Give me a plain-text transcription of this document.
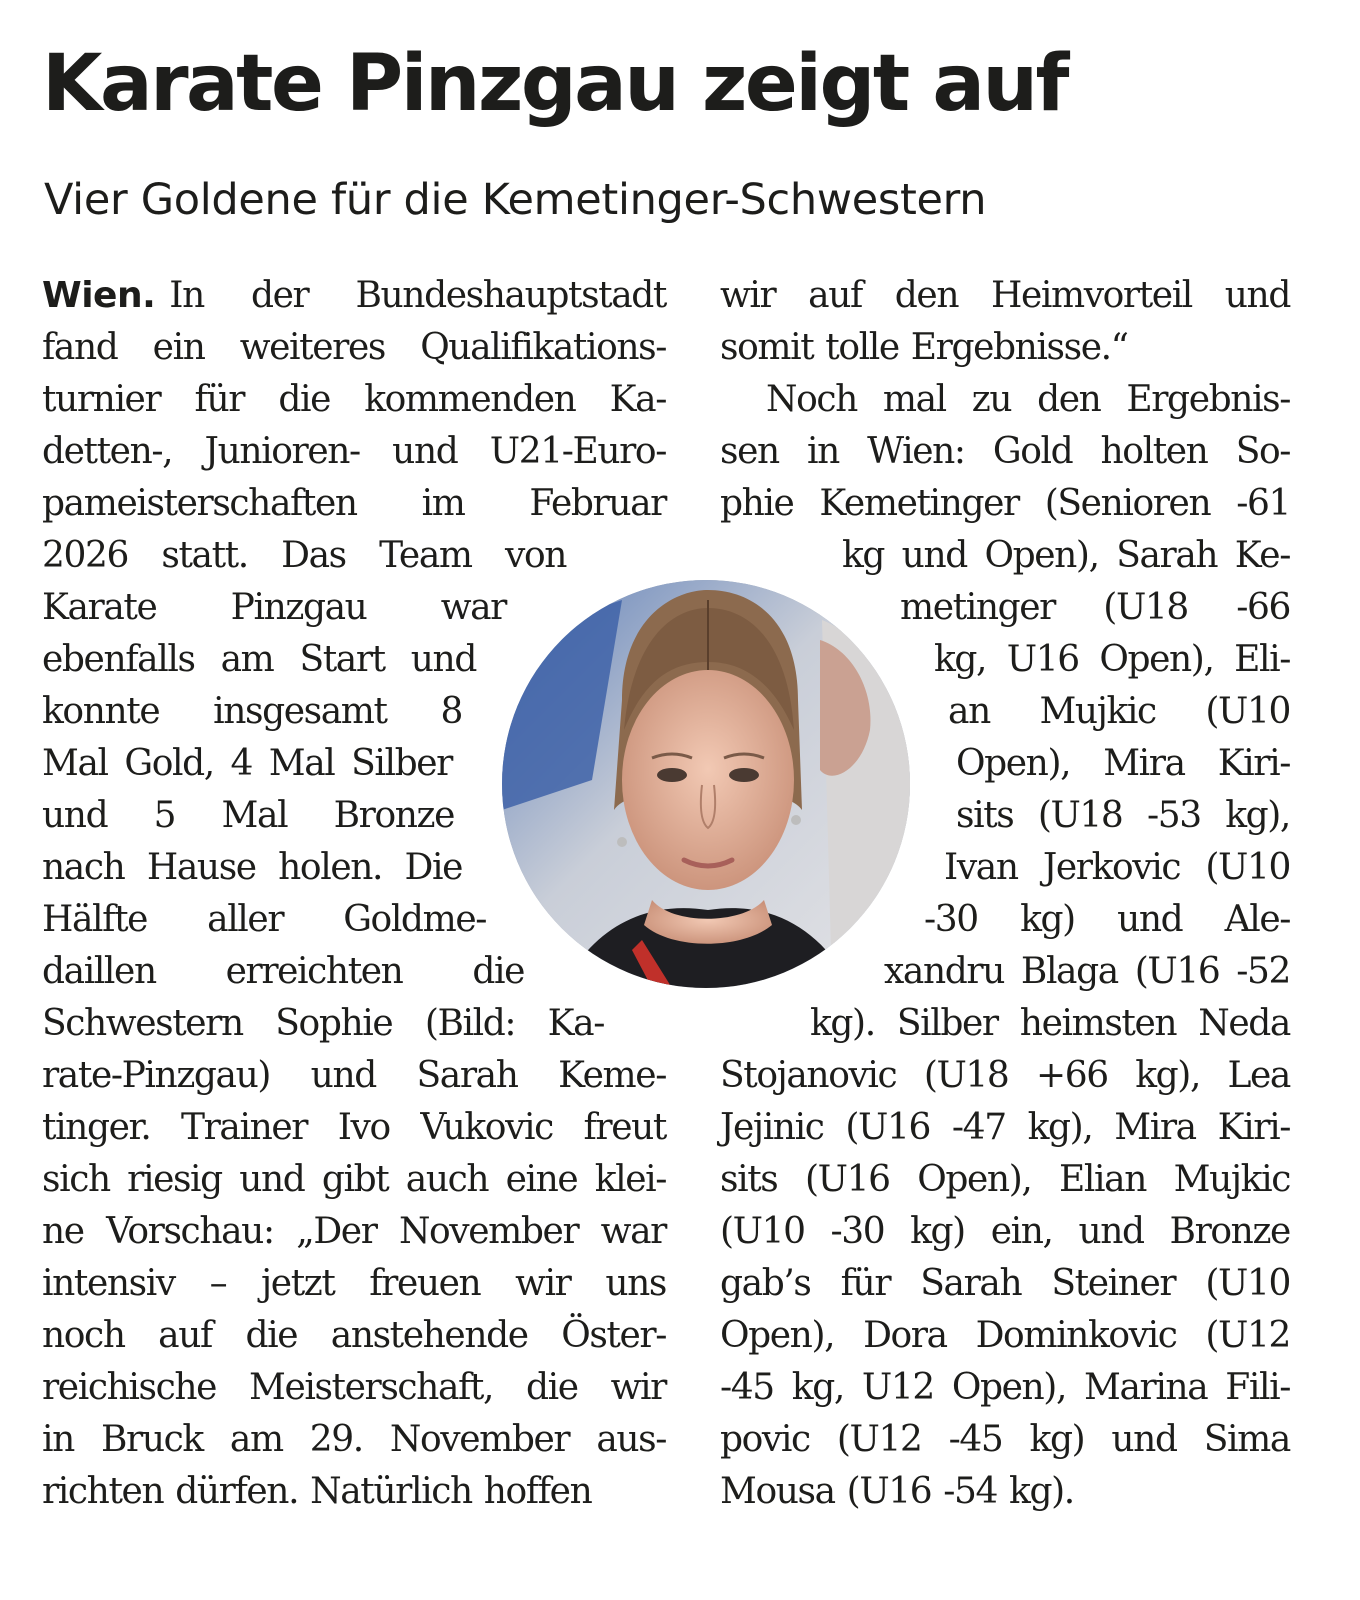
Karate Pinzgau zeigt auf
Vier Goldene für die Kemetinger-Schwestern
Wien. In der Bundeshauptstadt
fand ein weiteres Qualifikations-
turnier für die kommenden Ka-
detten-, Junioren- und U21-Euro-
pameisterschaften im Februar
2026 statt. Das Team von
Karate Pinzgau war
ebenfalls am Start und
konnte insgesamt 8
Mal Gold, 4 Mal Silber
und 5 Mal Bronze
nach Hause holen. Die
Hälfte aller Goldme-
daillen erreichten die
Schwestern Sophie (Bild: Ka-
rate-Pinzgau) und Sarah Keme-
tinger. Trainer Ivo Vukovic freut
sich riesig und gibt auch eine klei-
ne Vorschau: „Der November war
intensiv – jetzt freuen wir uns
noch auf die anstehende Öster-
reichische Meisterschaft, die wir
in Bruck am 29. November aus-
richten dürfen. Natürlich hoffen
wir auf den Heimvorteil und
somit tolle Ergebnisse.“
Noch mal zu den Ergebnis-
sen in Wien: Gold holten So-
phie Kemetinger (Senioren -61
kg und Open), Sarah Ke-
metinger (U18 -66
kg, U16 Open), Eli-
an Mujkic (U10
Open), Mira Kiri-
sits (U18 -53 kg),
Ivan Jerkovic (U10
-30 kg) und Ale-
xandru Blaga (U16 -52
kg). Silber heimsten Neda
Stojanovic (U18 +66 kg), Lea
Jejinic (U16 -47 kg), Mira Kiri-
sits (U16 Open), Elian Mujkic
(U10 -30 kg) ein, und Bronze
gab’s für Sarah Steiner (U10
Open), Dora Dominkovic (U12
-45 kg, U12 Open), Marina Fili-
povic (U12 -45 kg) und Sima
Mousa (U16 -54 kg).
